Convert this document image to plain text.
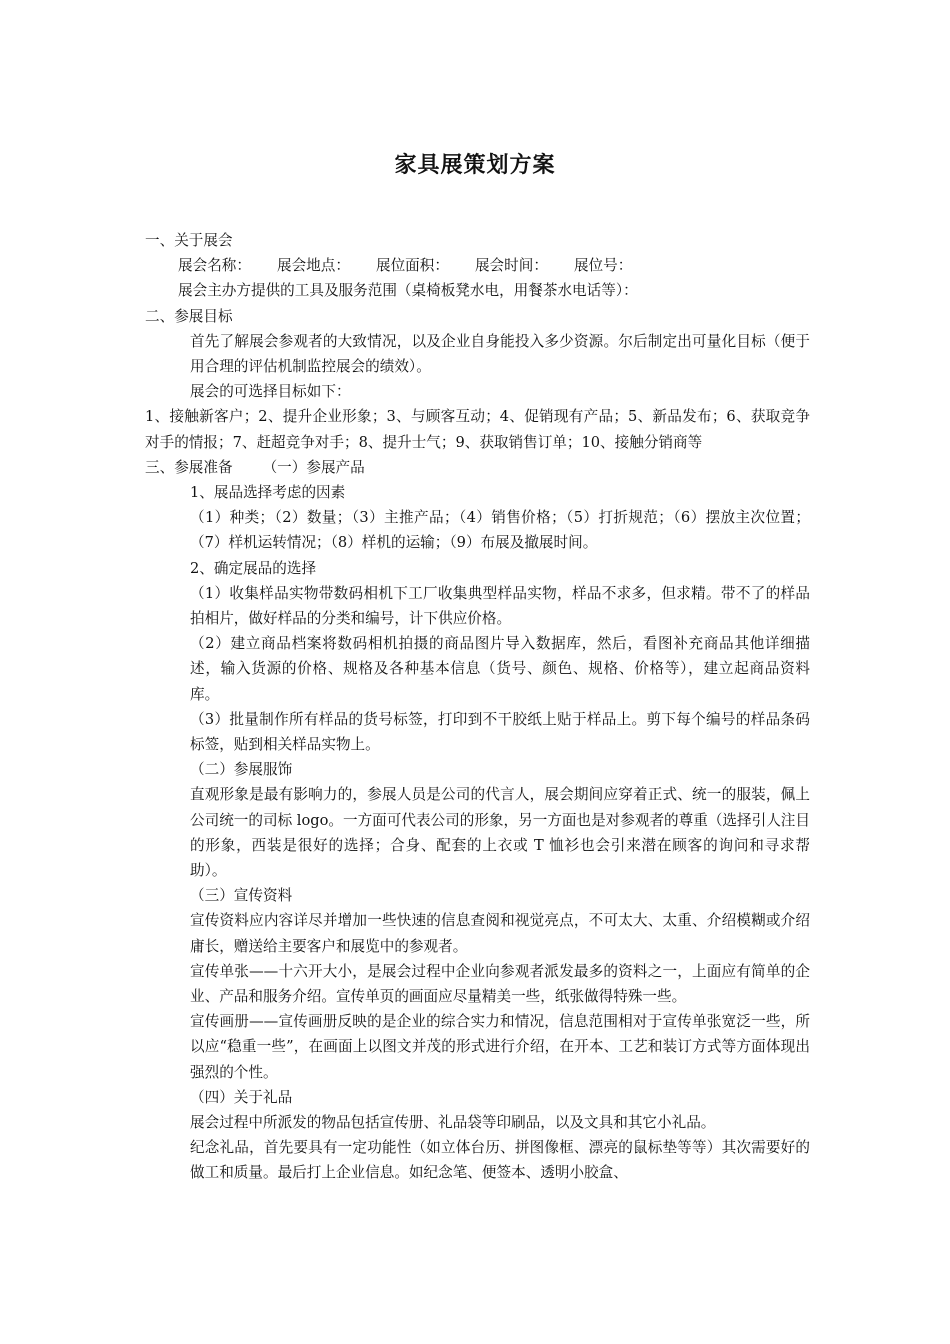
家具展策划方案
一、关于展会
展会名称： 展会地点： 展位面积： 展会时间： 展位号：
展会主办方提供的工具及服务范围（桌椅板凳水电，用餐茶水电话等）：
二、参展目标
首先了解展会参观者的大致情况，以及企业自身能投入多少资源。尔后制定出可量化目标（便于用合理的评估机制监控展会的绩效）。
展会的可选择目标如下：
1、接触新客户；2、提升企业形象；3、与顾客互动；4、促销现有产品；5、新品发布；6、获取竞争对手的情报；7、赶超竞争对手；8、提升士气；9、获取销售订单；10、接触分销商等
三、参展准备 （一）参展产品
1、展品选择考虑的因素
（1）种类；（2）数量；（3）主推产品；（4）销售价格；（5）打折规范；（6）摆放主次位置；（7）样机运转情况；（8）样机的运输；（9）布展及撤展时间。
2、确定展品的选择
（1）收集样品实物带数码相机下工厂收集典型样品实物，样品不求多，但求精。带不了的样品拍相片，做好样品的分类和编号，计下供应价格。
（2）建立商品档案将数码相机拍摄的商品图片导入数据库，然后，看图补充商品其他详细描述，输入货源的价格、规格及各种基本信息（货号、颜色、规格、价格等），建立起商品资料库。
（3）批量制作所有样品的货号标签，打印到不干胶纸上贴于样品上。剪下每个编号的样品条码标签，贴到相关样品实物上。
（二）参展服饰
直观形象是最有影响力的，参展人员是公司的代言人，展会期间应穿着正式、统一的服装，佩上公司统一的司标 logo。一方面可代表公司的形象，另一方面也是对参观者的尊重（选择引人注目的形象，西装是很好的选择；合身、配套的上衣或 T 恤衫也会引来潜在顾客的询问和寻求帮助）。
（三）宣传资料
宣传资料应内容详尽并增加一些快速的信息查阅和视觉亮点，不可太大、太重、介绍模糊或介绍庸长，赠送给主要客户和展览中的参观者。
宣传单张——十六开大小，是展会过程中企业向参观者派发最多的资料之一，上面应有简单的企业、产品和服务介绍。宣传单页的画面应尽量精美一些，纸张做得特殊一些。
宣传画册——宣传画册反映的是企业的综合实力和情况，信息范围相对于宣传单张宽泛一些，所以应“稳重一些”，在画面上以图文并茂的形式进行介绍，在开本、工艺和装订方式等方面体现出强烈的个性。
（四）关于礼品
展会过程中所派发的物品包括宣传册、礼品袋等印刷品，以及文具和其它小礼品。
纪念礼品，首先要具有一定功能性（如立体台历、拼图像框、漂亮的鼠标垫等等）其次需要好的做工和质量。最后打上企业信息。如纪念笔、便签本、透明小胶盒、
